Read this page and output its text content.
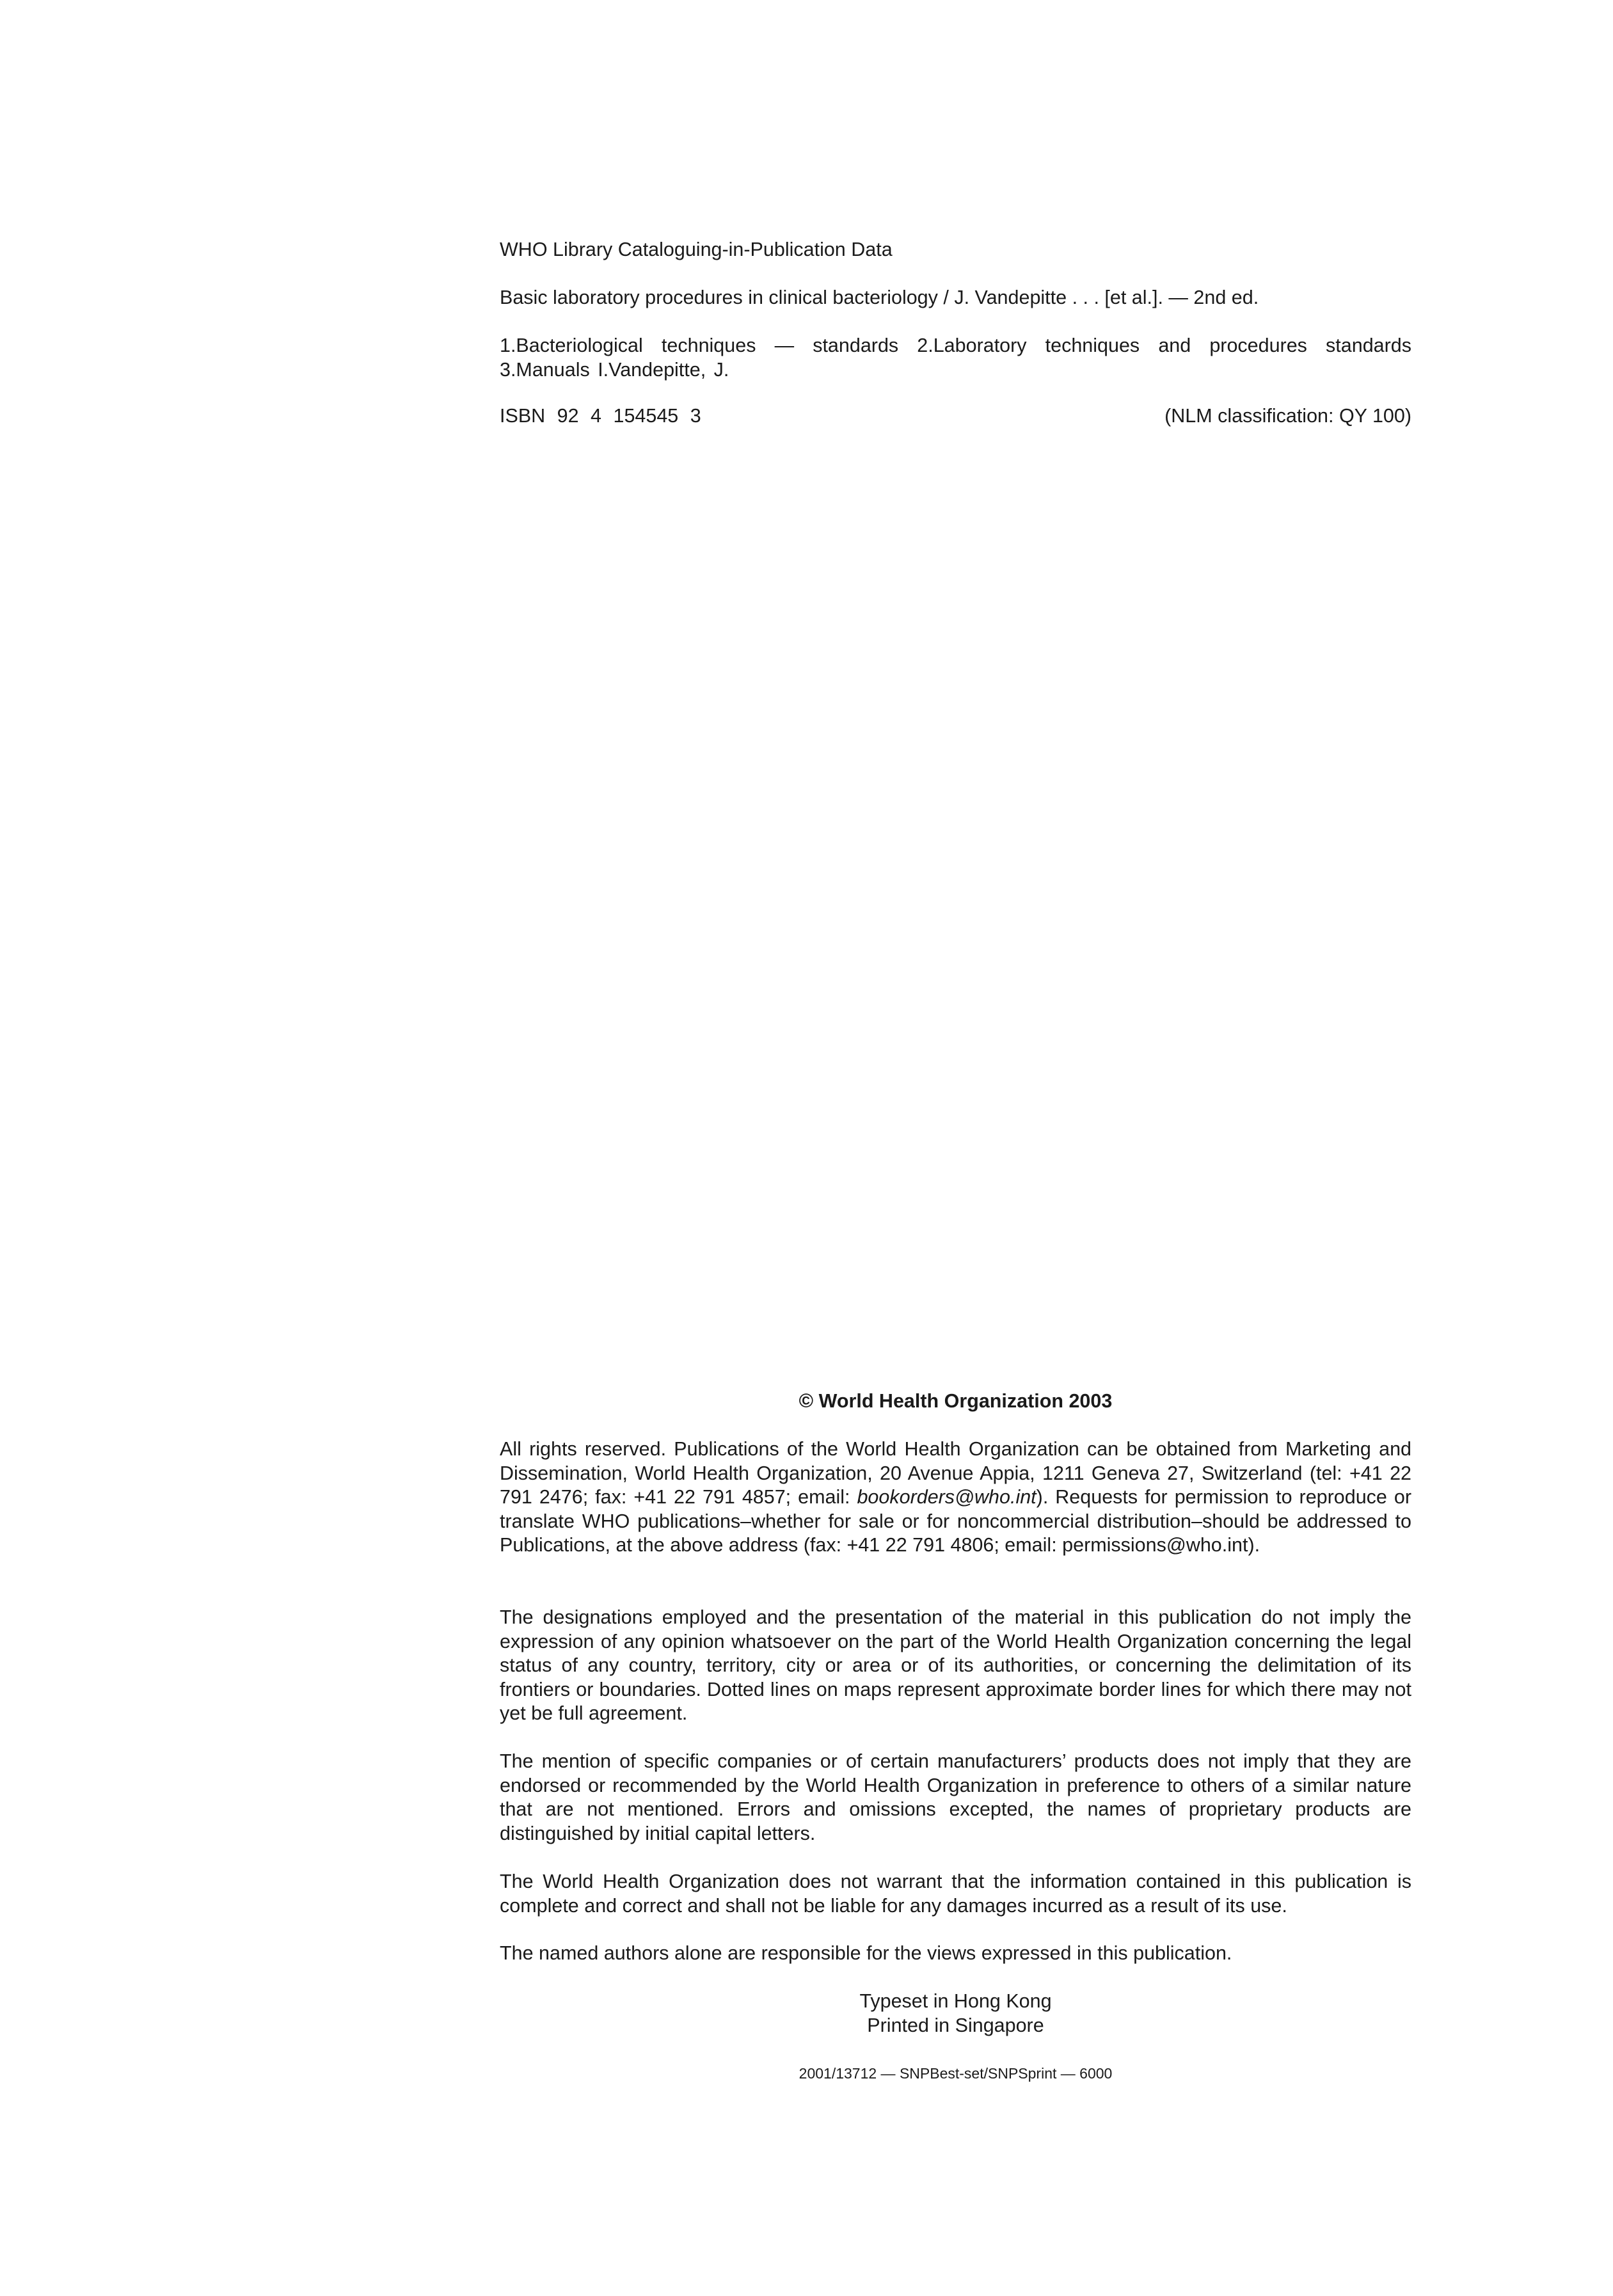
WHO Library Cataloguing-in-Publication Data

Basic laboratory procedures in clinical bacteriology / J. Vandepitte . . . [et al.]. — 2nd ed.

1.Bacteriological techniques — standards 2.Laboratory techniques and procedures standards
3.Manuals I.Vandepitte, J.
ISBN 92 4 154545 3	(NLM classification: QY 100)

© World Health Organization 2003

All rights reserved. Publications of the World Health Organization can be obtained from Marketing and Dissemination, World Health Organization, 20 Avenue Appia, 1211 Geneva 27, Switzerland (tel: +41 22 791 2476; fax: +41 22 791 4857; email: bookorders@who.int). Requests for permission to reproduce or translate WHO publications–whether for sale or for noncommercial distribution–should be addressed to Publications, at the above address (fax: +41 22 791 4806; email: permissions@who.int).

The designations employed and the presentation of the material in this publication do not imply the expression of any opinion whatsoever on the part of the World Health Organization concerning the legal status of any country, territory, city or area or of its authorities, or concerning the delimitation of its frontiers or boundaries. Dotted lines on maps represent approximate border lines for which there may not yet be full agreement.

The mention of specific companies or of certain manufacturers’ products does not imply that they are endorsed or recommended by the World Health Organization in preference to others of a similar nature that are not mentioned. Errors and omissions excepted, the names of proprietary products are distinguished by initial capital letters.

The World Health Organization does not warrant that the information contained in this publication is complete and correct and shall not be liable for any damages incurred as a result of its use.

The named authors alone are responsible for the views expressed in this publication.

Typeset in Hong Kong
Printed in Singapore

2001/13712 — SNPBest-set/SNPSprint — 6000
